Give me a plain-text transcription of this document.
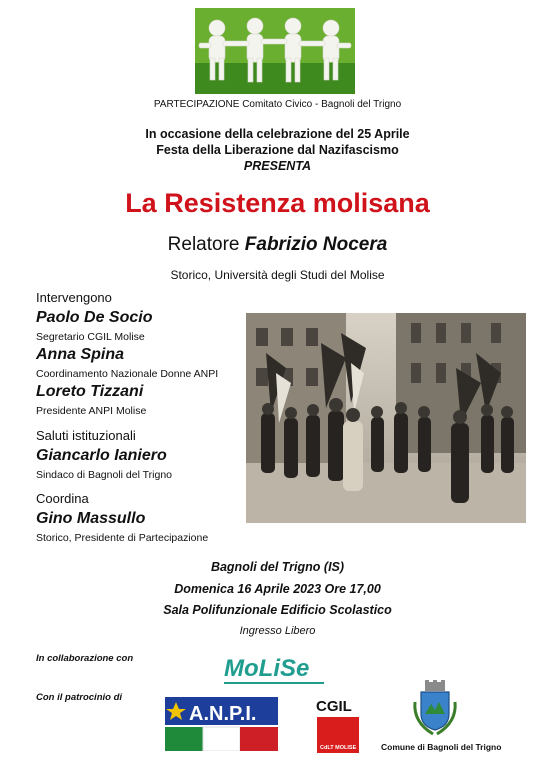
PARTECIPAZIONE Comitato Civico - Bagnoli del Trigno
In occasione della celebrazione del 25 Aprile
Festa della Liberazione dal Nazifascismo
PRESENTA
La Resistenza molisana
Relatore Fabrizio Nocera
Storico, Università degli Studi del Molise
Intervengono
Paolo De Socio
Segretario CGIL Molise
Anna Spina
Coordinamento Nazionale Donne ANPI
Loreto Tizzani
Presidente ANPI Molise
Saluti istituzionali
Giancarlo Ianiero
Sindaco di Bagnoli del Trigno
Coordina
Gino Massullo
Storico, Presidente di Partecipazione
Bagnoli del Trigno (IS)
Domenica 16 Aprile 2023 Ore 17,00
Sala Polifunzionale Edificio Scolastico
Ingresso Libero
In collaborazione con	MoLiSe
Con il patrocinio di
A.N.P.I.	CGIL
CdLT MOLISE	Comune di Bagnoli del Trigno
